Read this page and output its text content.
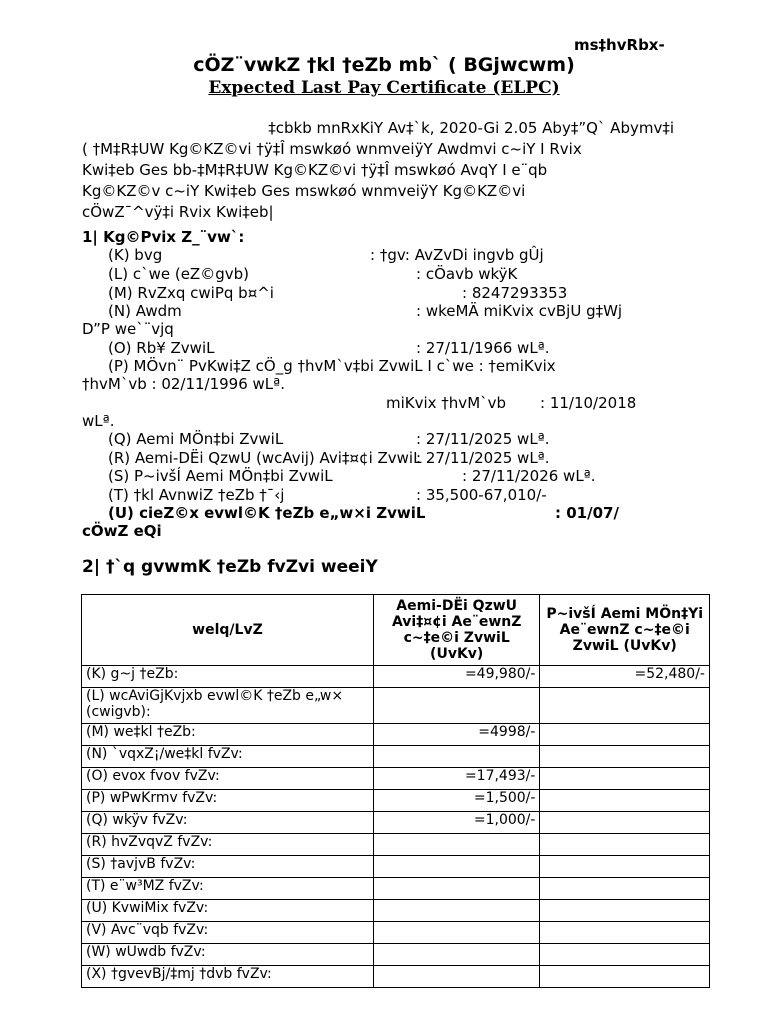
ms‡hvRbx-
cÖZ¨vwkZ †kl †eZb mb` ( BGjwcwm)
Expected Last Pay Certificate (ELPC)
‡cbkb mnRxKiY Av‡`k, 2020-Gi 2.05 Aby‡”Q` Abymv‡i
( †M‡R‡UW Kg©KZ©vi †ÿ‡Î mswkøó wnmveiÿY Awdmvi c~iY I Rvix
Kwi‡eb Ges bb-‡M‡R‡UW Kg©KZ©vi †ÿ‡Î mswkøó AvqY I e¨qb
Kg©KZ©v c~iY Kwi‡eb Ges mswkøó wnmveiÿY Kg©KZ©vi
cÖwZ¯^vÿ‡i Rvix Kwi‡eb|
1| Kg©Pvix Z_¨vw`:
(K) bvg	: †gv: AvZvDi ingvb gÛj
(L) c`we (eZ©gvb)	: cÖavb wkÿK
(M) RvZxq cwiPq b¤^i	: 8247293353
(N) Awdm	: wkeMÄ miKvix cvBjU g‡Wj
D”P we`¨vjq
(O) Rb¥ ZvwiL	: 27/11/1966 wLª.
(P) MÖvn¨ PvKwi‡Z cÖ_g †hvM`v‡bi ZvwiL I c`we : †emiKvix
†hvM`vb : 02/11/1996 wLª.
miKvix †hvM`vb : 11/10/2018
wLª.
(Q) Aemi MÖn‡bi ZvwiL	: 27/11/2025 wLª.
(R) Aemi-DËi QzwU (wcAvij) Avi‡¤¢i ZvwiL
: 27/11/2025 wLª.
(S) P~ivšÍ Aemi MÖn‡bi ZvwiL	: 27/11/2026 wLª.
(T) †kl AvnwiZ †eZb †¯‹j	: 35,500-67,010/-
(U) cieZ©x evwl©K †eZb e„w×i ZvwiL	: 01/07/
cÖwZ eQi
2| †`q gvwmK †eZb fvZvi weeiY
welq/LvZ	Aemi-DËi QzwU Avi‡¤¢i Ae¨ewnZ c~‡e©i ZvwiL (UvKv)	P~ivšÍ Aemi MÖn‡Yi Ae¨ewnZ c~‡e©i ZvwiL (UvKv)
(K) g~j †eZb:	=49,980/-	=52,480/-
(L) wcAviGjKvjxb evwl©K †eZb e„w× (cwigvb):		
(M) we‡kl †eZb:	=4998/-	
(N) `vqxZ¡/we‡kl fvZv:		
(O) evox fvov fvZv:	=17,493/-	
(P) wPwKrmv fvZv:	=1,500/-	
(Q) wkÿv fvZv:	=1,000/-	
(R) hvZvqvZ fvZv:		
(S) †avjvB fvZv:		
(T) e¨w³MZ fvZv:		
(U) KvwiMix fvZv:		
(V) Avc¨vqb fvZv:		
(W) wUwdb fvZv:		
(X) †gvevBj/‡mj †dvb fvZv:		
